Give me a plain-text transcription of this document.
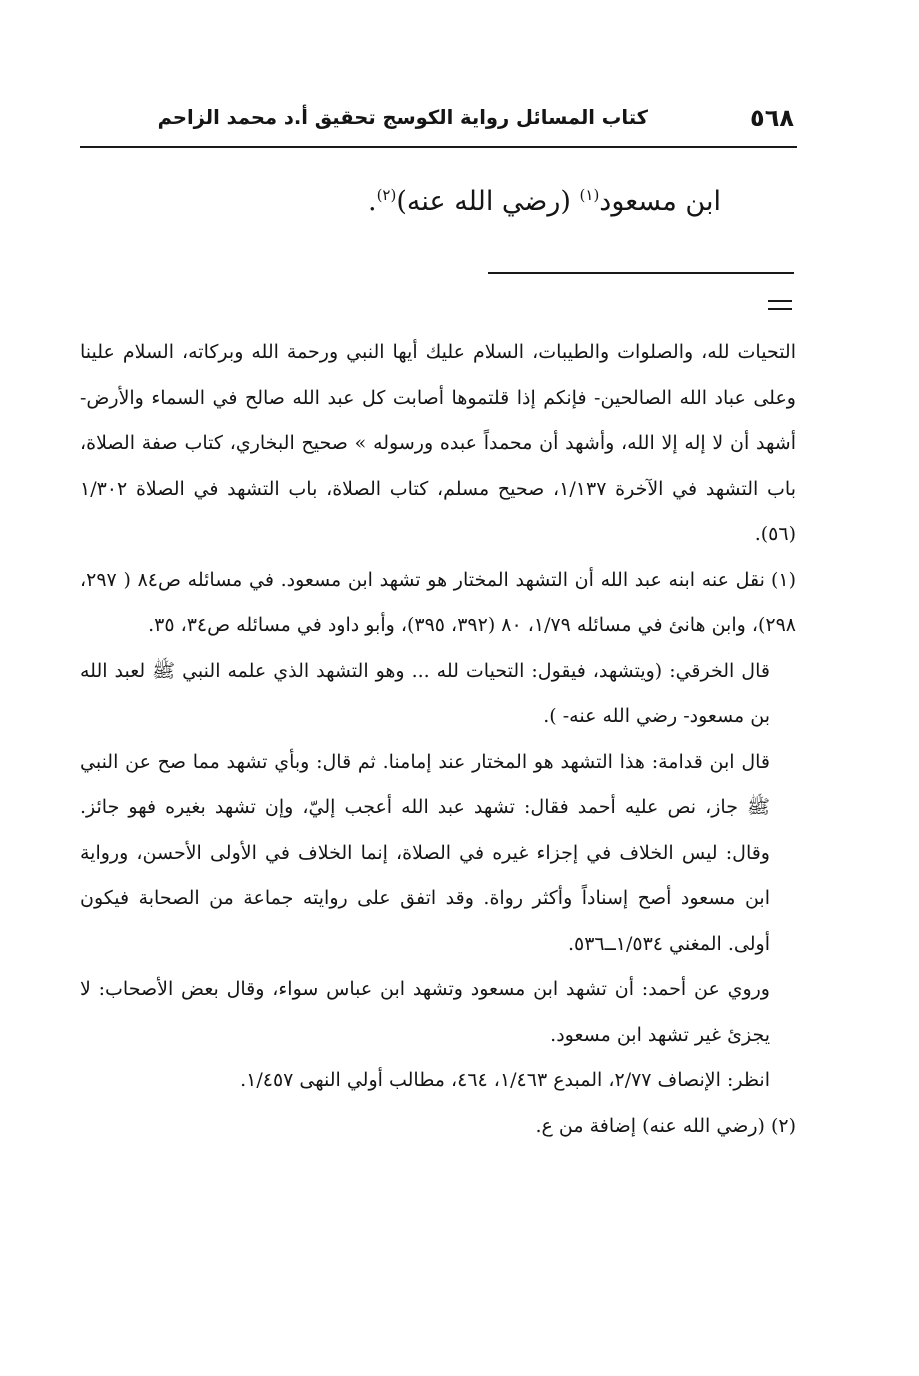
٥٦٨
كتاب المسائل رواية الكوسج تحقيق أ.د محمد الزاحم
ابن مسعود$^{(١)}$ (رضي الله عنه)$^{(٢)}$.

التحيات لله، والصلوات والطيبات، السلام عليك أيها النبي ورحمة الله وبركاته، السلام علينا وعلى عباد الله الصالحين- فإنكم إذا قلتموها أصابت كل عبد الله صالح في السماء والأرض- أشهد أن لا إله إلا الله، وأشهد أن محمداً عبده ورسوله » صحيح البخاري، كتاب صفة الصلاة، باب التشهد في الآخرة ١/١٣٧، صحيح مسلم، كتاب الصلاة، باب التشهد في الصلاة ١/٣٠٢ (٥٦).

(١)نقل عنه ابنه عبد الله أن التشهد المختار هو تشهد ابن مسعود. في مسائله ص٨٤ ( ٢٩٧، ٢٩٨)، وابن هانئ في مسائله ١/٧٩، ٨٠ (٣٩٢، ٣٩٥)، وأبو داود في مسائله ص٣٤، ٣٥.

قال الخرقي: (ويتشهد، فيقول: التحيات لله ... وهو التشهد الذي علمه النبي ﷺ لعبد الله بن مسعود- رضي الله عنه- ).

قال ابن قدامة: هذا التشهد هو المختار عند إمامنا. ثم قال: وبأي تشهد مما صح عن النبي ﷺ جاز، نص عليه أحمد فقال: تشهد عبد الله أعجب إليّ، وإن تشهد بغيره فهو جائز. وقال: ليس الخلاف في إجزاء غيره في الصلاة، إنما الخلاف في الأولى الأحسن، ورواية ابن مسعود أصح إسناداً وأكثر رواة. وقد اتفق على روايته جماعة من الصحابة فيكون أولى. المغني ١/٥٣٤ــ٥٣٦.

وروي عن أحمد: أن تشهد ابن مسعود وتشهد ابن عباس سواء، وقال بعض الأصحاب: لا يجزئ غير تشهد ابن مسعود.

انظر: الإنصاف ٢/٧٧، المبدع ١/٤٦٣، ٤٦٤، مطالب أولي النهى ١/٤٥٧.

(٢)(رضي الله عنه) إضافة من ع.
